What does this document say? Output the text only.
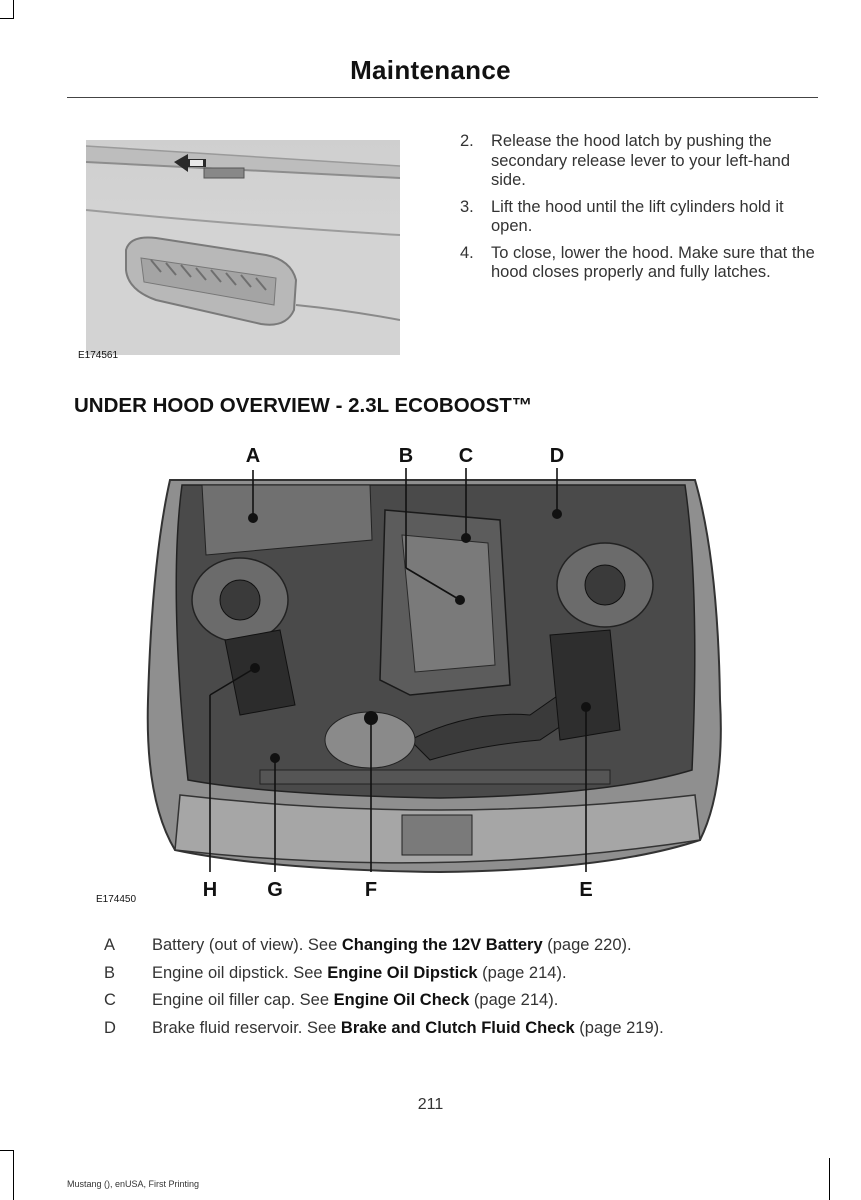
Maintenance
E174561
2.	Release the hood latch by pushing the secondary release lever to your left-hand side.
3.	Lift the hood until the lift cylinders hold it open.
4.	To close, lower the hood. Make sure that the hood closes properly and fully latches.
UNDER HOOD OVERVIEW - 2.3L ECOBOOST™
A	B C	D
H G	F	E
E174450
A	Battery (out of view). See Changing the 12V Battery (page 220).
B	Engine oil dipstick. See Engine Oil Dipstick (page 214).
C	Engine oil filler cap. See Engine Oil Check (page 214).
D	Brake fluid reservoir. See Brake and Clutch Fluid Check (page 219).
211
Mustang (), enUSA, First Printing
